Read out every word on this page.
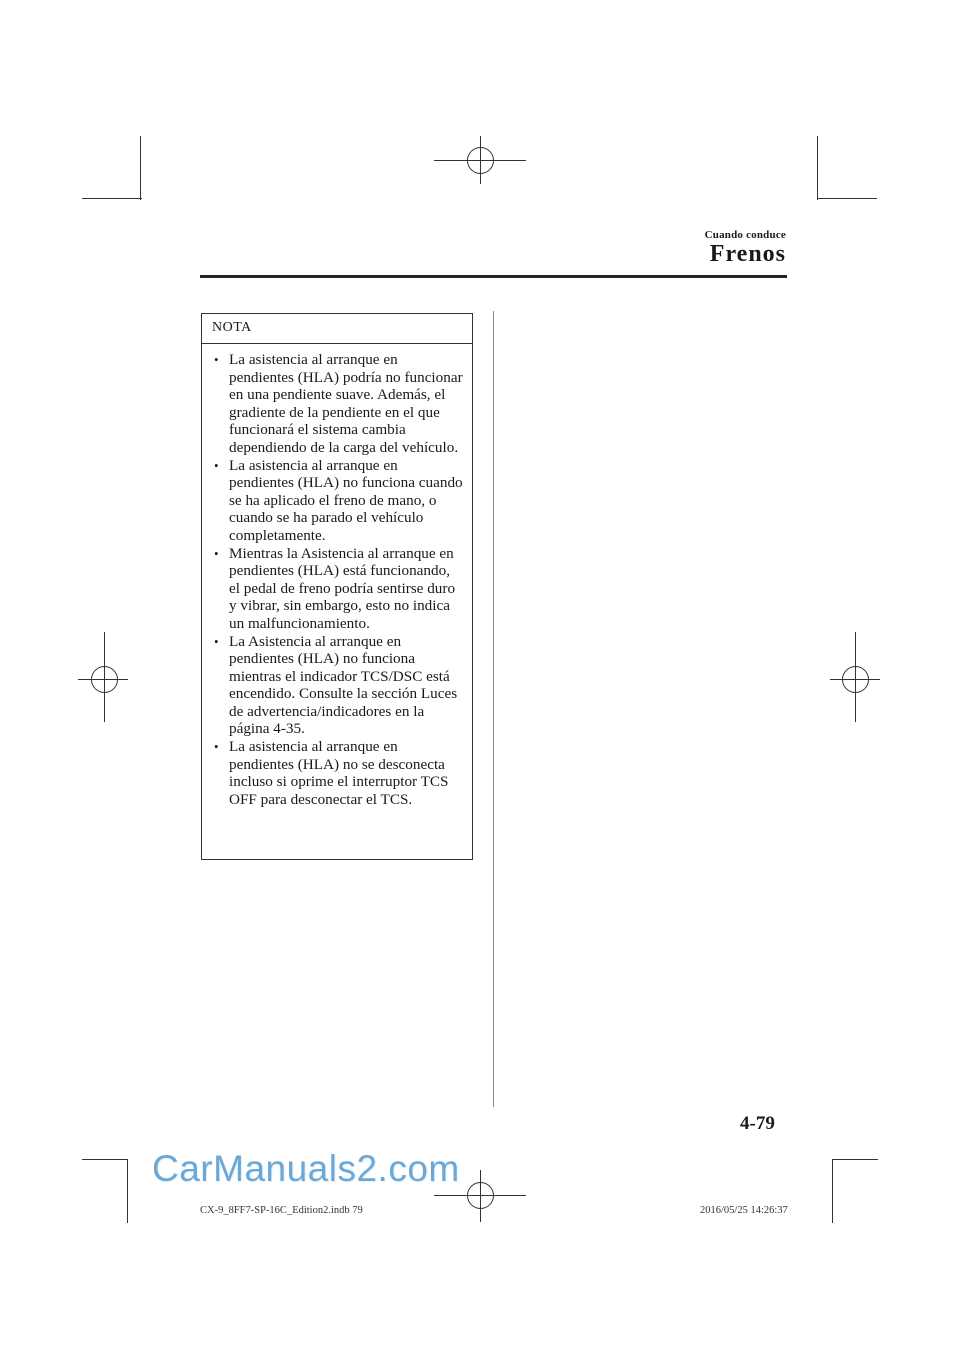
Cuando conduce
Frenos
NOTA
• La asistencia al arranque en pendientes (HLA) podría no funcionar en una pendiente suave. Además, el gradiente de la pendiente en el que funcionará el sistema cambia dependiendo de la carga del vehículo.
• La asistencia al arranque en pendientes (HLA) no funciona cuando se ha aplicado el freno de mano, o cuando se ha parado el vehículo completamente.
• Mientras la Asistencia al arranque en pendientes (HLA) está funcionando, el pedal de freno podría sentirse duro y vibrar, sin embargo, esto no indica un malfuncionamiento.
• La Asistencia al arranque en pendientes (HLA) no funciona mientras el indicador TCS/DSC está encendido. Consulte la sección Luces de advertencia/indicadores en la página 4-35.
• La asistencia al arranque en pendientes (HLA) no se desconecta incluso si oprime el interruptor TCS OFF para desconectar el TCS.
4-79
CarManuals2.com
CX-9_8FF7-SP-16C_Edition2.indb 79	2016/05/25 14:26:37
